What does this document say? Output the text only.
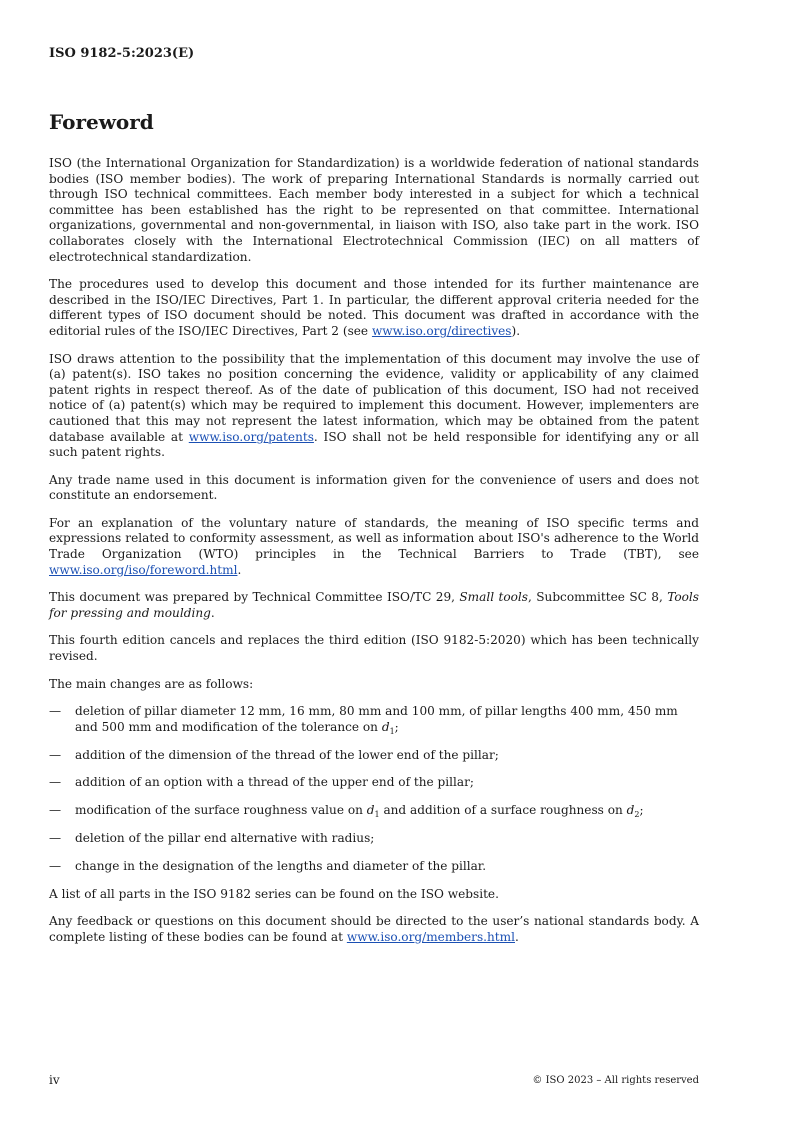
ISO 9182-5:2023(E)
Foreword

ISO (the International Organization for Standardization) is a worldwide federation of national standards bodies (ISO member bodies). The work of preparing International Standards is normally carried out through ISO technical committees. Each member body interested in a subject for which a technical committee has been established has the right to be represented on that committee. International organizations, governmental and non-governmental, in liaison with ISO, also take part in the work. ISO collaborates closely with the International Electrotechnical Commission (IEC) on all matters of electrotechnical standardization.

The procedures used to develop this document and those intended for its further maintenance are described in the ISO/IEC Directives, Part 1. In particular, the different approval criteria needed for the different types of ISO document should be noted. This document was drafted in accordance with the editorial rules of the ISO/IEC Directives, Part 2 (see www.iso.org/directives).

ISO draws attention to the possibility that the implementation of this document may involve the use of (a) patent(s). ISO takes no position concerning the evidence, validity or applicability of any claimed patent rights in respect thereof. As of the date of publication of this document, ISO had not received notice of (a) patent(s) which may be required to implement this document. However, implementers are cautioned that this may not represent the latest information, which may be obtained from the patent database available at www.iso.org/patents. ISO shall not be held responsible for identifying any or all such patent rights.

Any trade name used in this document is information given for the convenience of users and does not constitute an endorsement.

For an explanation of the voluntary nature of standards, the meaning of ISO specific terms and expressions related to conformity assessment, as well as information about ISO's adherence to the World Trade Organization (WTO) principles in the Technical Barriers to Trade (TBT), see www.iso.org/iso/foreword.html.

This document was prepared by Technical Committee ISO/TC 29, Small tools, Subcommittee SC 8, Tools for pressing and moulding.

This fourth edition cancels and replaces the third edition (ISO 9182-5:2020) which has been technically revised.

The main changes are as follows:

— deletion of pillar diameter 12 mm, 16 mm, 80 mm and 100 mm, of pillar lengths 400 mm, 450 mm and 500 mm and modification of the tolerance on $d_1$;
— addition of the dimension of the thread of the lower end of the pillar;
— addition of an option with a thread of the upper end of the pillar;
— modification of the surface roughness value on $d_1$ and addition of a surface roughness on $d_2$;
— deletion of the pillar end alternative with radius;
— change in the designation of the lengths and diameter of the pillar.

A list of all parts in the ISO 9182 series can be found on the ISO website.

Any feedback or questions on this document should be directed to the user’s national standards body. A complete listing of these bodies can be found at www.iso.org/members.html.

iv	© ISO 2023 – All rights reserved
